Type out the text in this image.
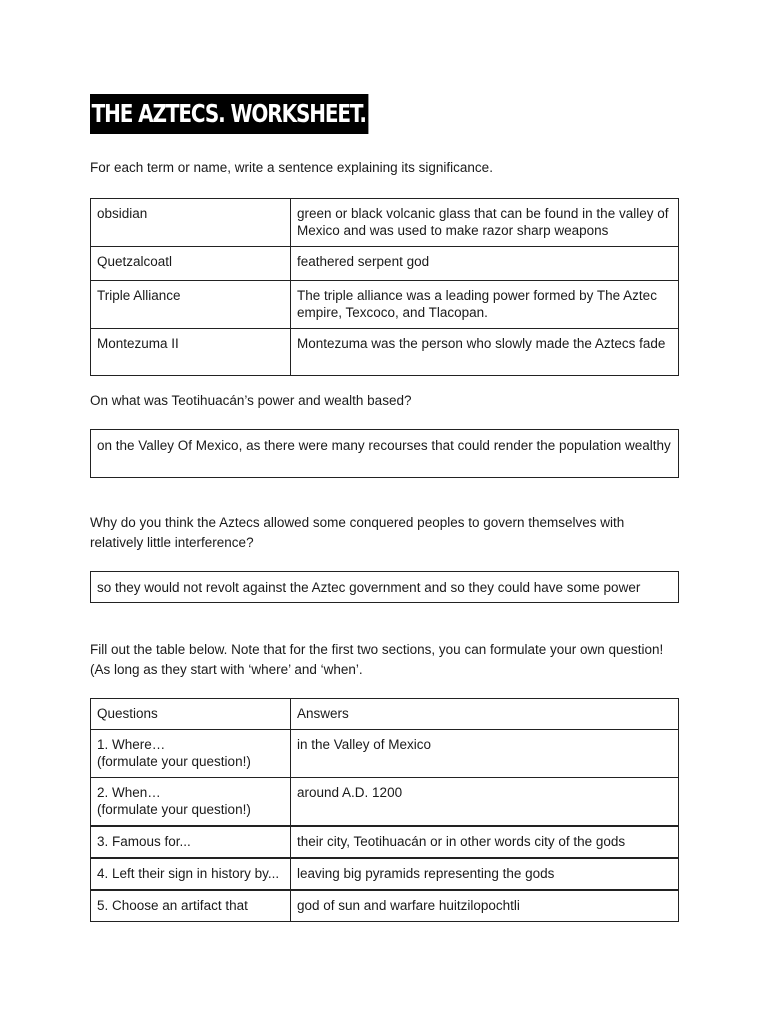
THE AZTECS. WORKSHEET.
For each term or name, write a sentence explaining its significance.
obsidian	green or black volcanic glass that can be found in the valley of Mexico and was used to make razor sharp weapons
Quetzalcoatl	feathered serpent god
Triple Alliance	The triple alliance was a leading power formed by The Aztec empire, Texcoco, and Tlacopan.
Montezuma II	Montezuma was the person who slowly made the Aztecs fade
On what was Teotihuacán’s power and wealth based?
on the Valley Of Mexico, as there were many recourses that could render the population wealthy
Why do you think the Aztecs allowed some conquered peoples to govern themselves with relatively little interference?
so they would not revolt against the Aztec government and so they could have some power
Fill out the table below. Note that for the first two sections, you can formulate your own question! (As long as they start with ‘where’ and ‘when’.
Questions	Answers

1. Where…
(formulate your question!)	in the Valley of Mexico

2. When…
(formulate your question!)	around A.D. 1200
3. Famous for...	their city, Teotihuacán or in other words city of the gods
4. Left their sign in history by...	leaving big pyramids representing the gods
5. Choose an artifact that	god of sun and warfare huitzilopochtli
